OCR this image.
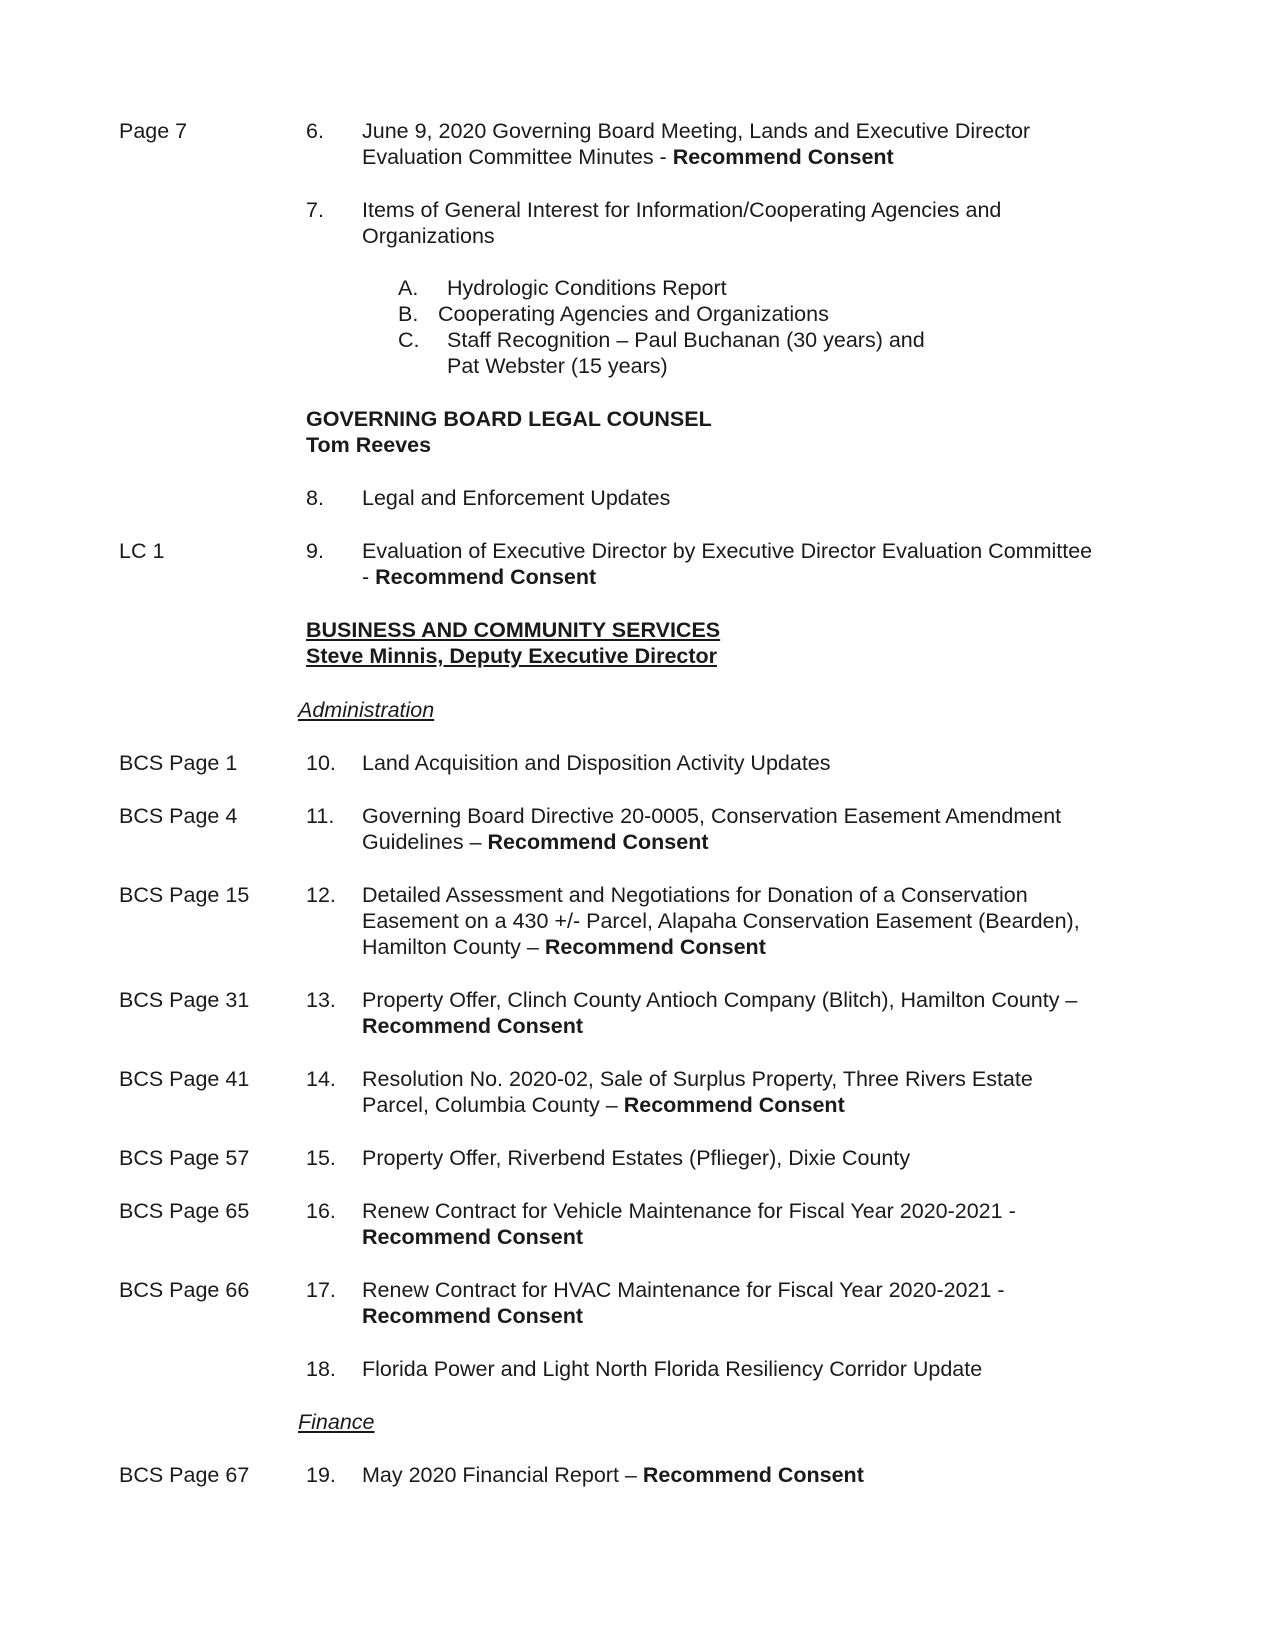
Page 7	6. June 9, 2020 Governing Board Meeting, Lands and Executive Director
Evaluation Committee Minutes - Recommend Consent
7. Items of General Interest for Information/Cooperating Agencies and
Organizations
A. Hydrologic Conditions Report
B. Cooperating Agencies and Organizations
C. Staff Recognition – Paul Buchanan (30 years) and
Pat Webster (15 years)
GOVERNING BOARD LEGAL COUNSEL
Tom Reeves
8. Legal and Enforcement Updates
LC 1	9. Evaluation of Executive Director by Executive Director Evaluation Committee
- Recommend Consent
BUSINESS AND COMMUNITY SERVICES
Steve Minnis, Deputy Executive Director
Administration
BCS Page 1	10. Land Acquisition and Disposition Activity Updates
BCS Page 4	11. Governing Board Directive 20-0005, Conservation Easement Amendment
Guidelines – Recommend Consent
BCS Page 15	12. Detailed Assessment and Negotiations for Donation of a Conservation
Easement on a 430 +/- Parcel, Alapaha Conservation Easement (Bearden),
Hamilton County – Recommend Consent
BCS Page 31	13. Property Offer, Clinch County Antioch Company (Blitch), Hamilton County –
Recommend Consent
BCS Page 41	14. Resolution No. 2020-02, Sale of Surplus Property, Three Rivers Estate
Parcel, Columbia County – Recommend Consent
BCS Page 57	15. Property Offer, Riverbend Estates (Pflieger), Dixie County
BCS Page 65	16. Renew Contract for Vehicle Maintenance for Fiscal Year 2020-2021 -
Recommend Consent
BCS Page 66	17. Renew Contract for HVAC Maintenance for Fiscal Year 2020-2021 -
Recommend Consent
18. Florida Power and Light North Florida Resiliency Corridor Update
Finance
BCS Page 67	19. May 2020 Financial Report – Recommend Consent
